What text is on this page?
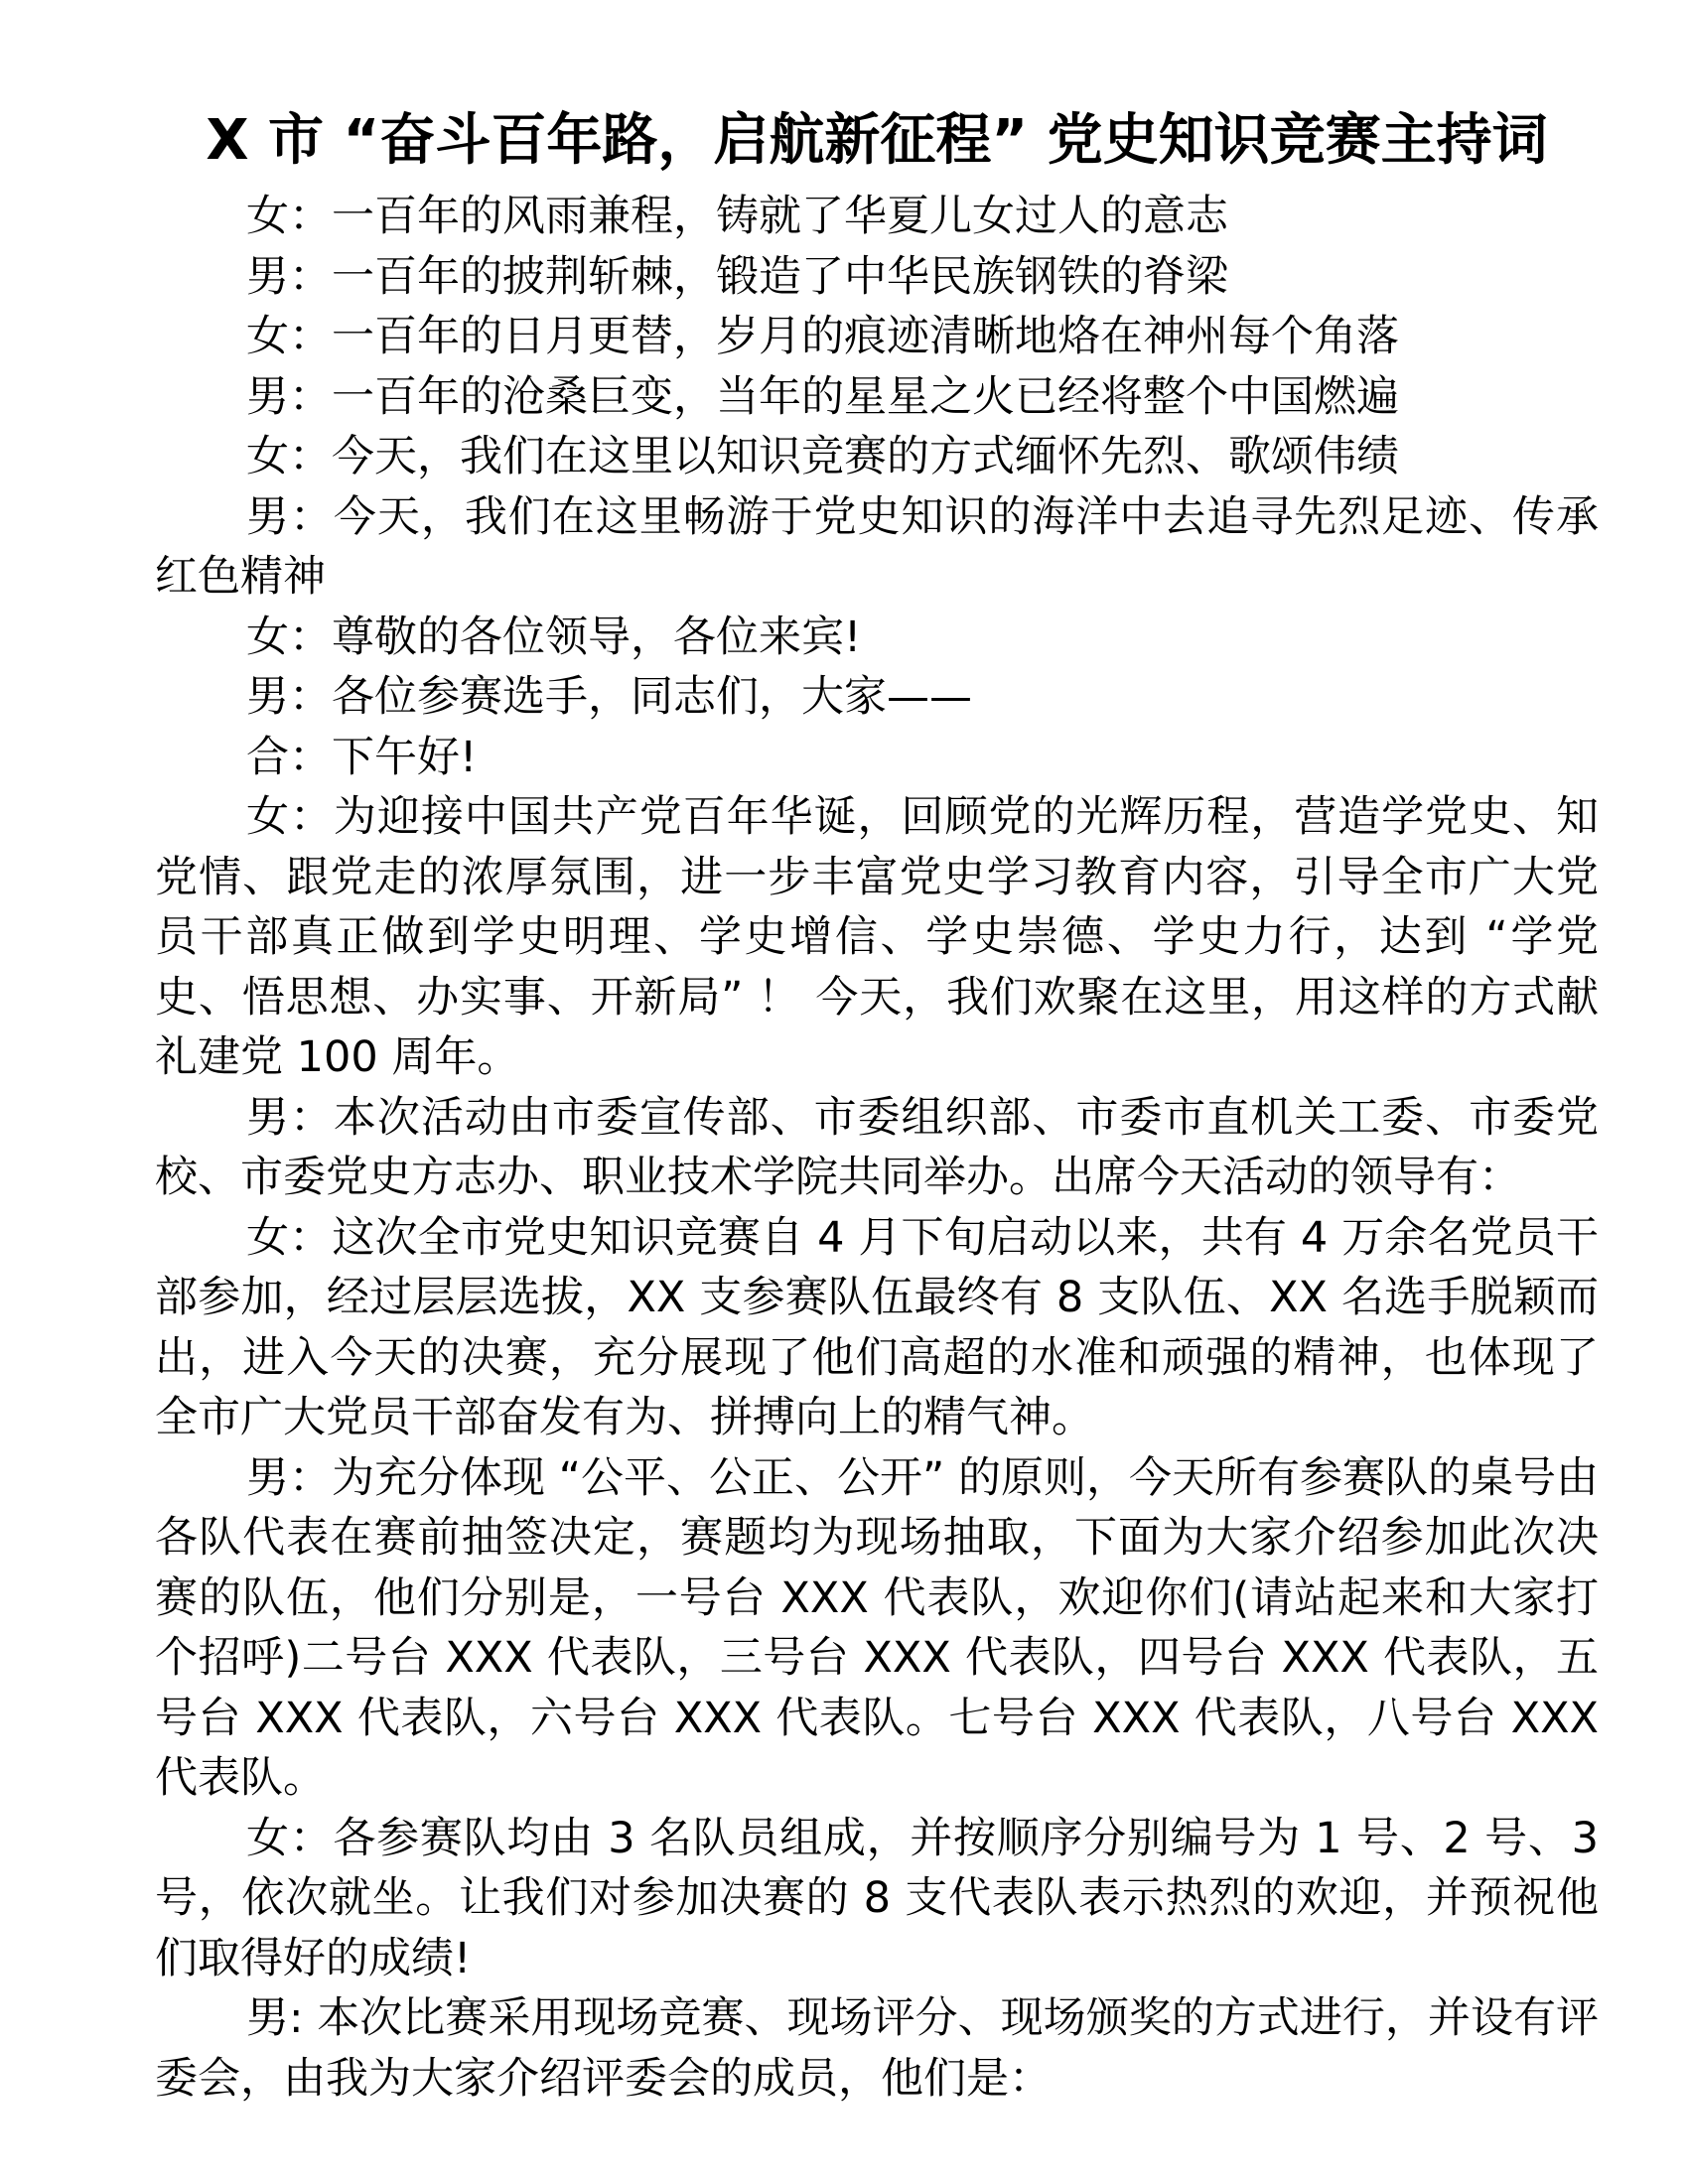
X 市 “奋斗百年路，启航新征程” 党史知识竞赛主持词

女：一百年的风雨兼程，铸就了华夏儿女过人的意志

男：一百年的披荆斩棘，锻造了中华民族钢铁的脊梁

女：一百年的日月更替，岁月的痕迹清晰地烙在神州每个角落

男：一百年的沧桑巨变，当年的星星之火已经将整个中国燃遍

女：今天，我们在这里以知识竞赛的方式缅怀先烈、歌颂伟绩

男：今天，我们在这里畅游于党史知识的海洋中去追寻先烈足迹、传承红色精神

女：尊敬的各位领导，各位来宾!

男：各位参赛选手，同志们，大家——

合：下午好!

女：为迎接中国共产党百年华诞，回顾党的光辉历程，营造学党史、知党情、跟党走的浓厚氛围，进一步丰富党史学习教育内容，引导全市广大党员干部真正做到学史明理、学史增信、学史崇德、学史力行，达到 “学党史、悟思想、办实事、开新局” ！ 今天，我们欢聚在这里，用这样的方式献礼建党 100 周年。

男：本次活动由市委宣传部、市委组织部、市委市直机关工委、市委党校、市委党史方志办、职业技术学院共同举办。出席今天活动的领导有：

女：这次全市党史知识竞赛自 4 月下旬启动以来，共有 4 万余名党员干部参加，经过层层选拔，XX 支参赛队伍最终有 8 支队伍、XX 名选手脱颖而出，进入今天的决赛，充分展现了他们高超的水准和顽强的精神，也体现了全市广大党员干部奋发有为、拼搏向上的精气神。

男：为充分体现 “公平、公正、公开” 的原则，今天所有参赛队的桌号由各队代表在赛前抽签决定，赛题均为现场抽取，下面为大家介绍参加此次决赛的队伍，他们分别是，一号台 XXX 代表队，欢迎你们(请站起来和大家打个招呼)二号台 XXX 代表队，三号台 XXX 代表队，四号台 XXX 代表队，五号台 XXX 代表队，六号台 XXX 代表队。七号台 XXX 代表队，八号台 XXX 代表队。

女：各参赛队均由 3 名队员组成，并按顺序分别编号为 1 号、2 号、3 号，依次就坐。让我们对参加决赛的 8 支代表队表示热烈的欢迎，并预祝他们取得好的成绩!

男: 本次比赛采用现场竞赛、现场评分、现场颁奖的方式进行，并设有评委会，由我为大家介绍评委会的成员，他们是：
